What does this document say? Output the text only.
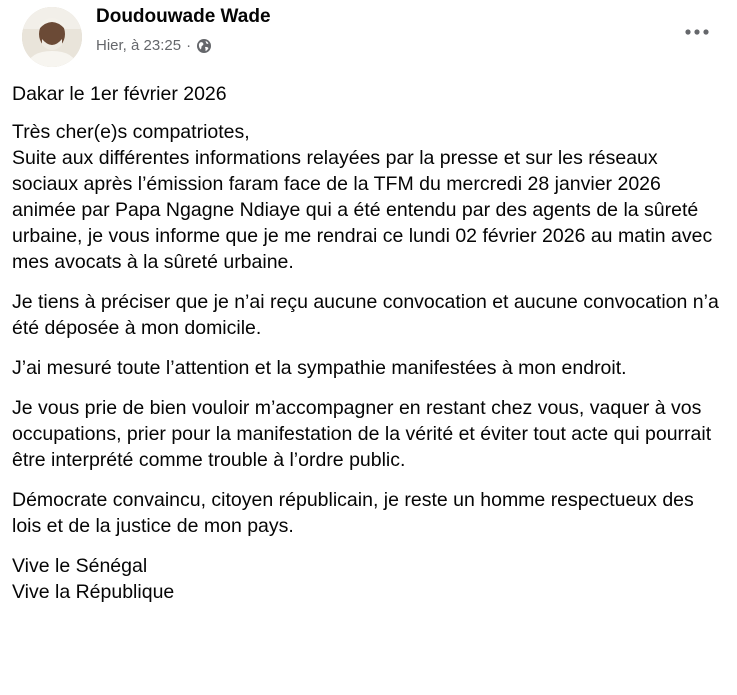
Doudouwade Wade
Hier, à 23:25 ·

Dakar le 1er février 2026

Très cher(e)s compatriotes,
Suite aux différentes informations relayées par la presse et sur les réseaux sociaux après l’émission faram face de la TFM du mercredi 28 janvier 2026 animée par Papa Ngagne Ndiaye qui a été entendu par des agents de la sûreté urbaine, je vous informe que je me rendrai ce lundi 02 février 2026 au matin avec mes avocats à la sûreté urbaine.

Je tiens à préciser que je n’ai reçu aucune convocation et aucune convocation n’a été déposée à mon domicile.

J’ai mesuré toute l’attention et la sympathie manifestées à mon endroit.

Je vous prie de bien vouloir m’accompagner en restant chez vous, vaquer à vos occupations, prier pour la manifestation de la vérité et éviter tout acte qui pourrait être interprété comme trouble à l’ordre public.

Démocrate convaincu, citoyen républicain, je reste un homme respectueux des lois et de la justice de mon pays.

Vive le Sénégal
Vive la République
